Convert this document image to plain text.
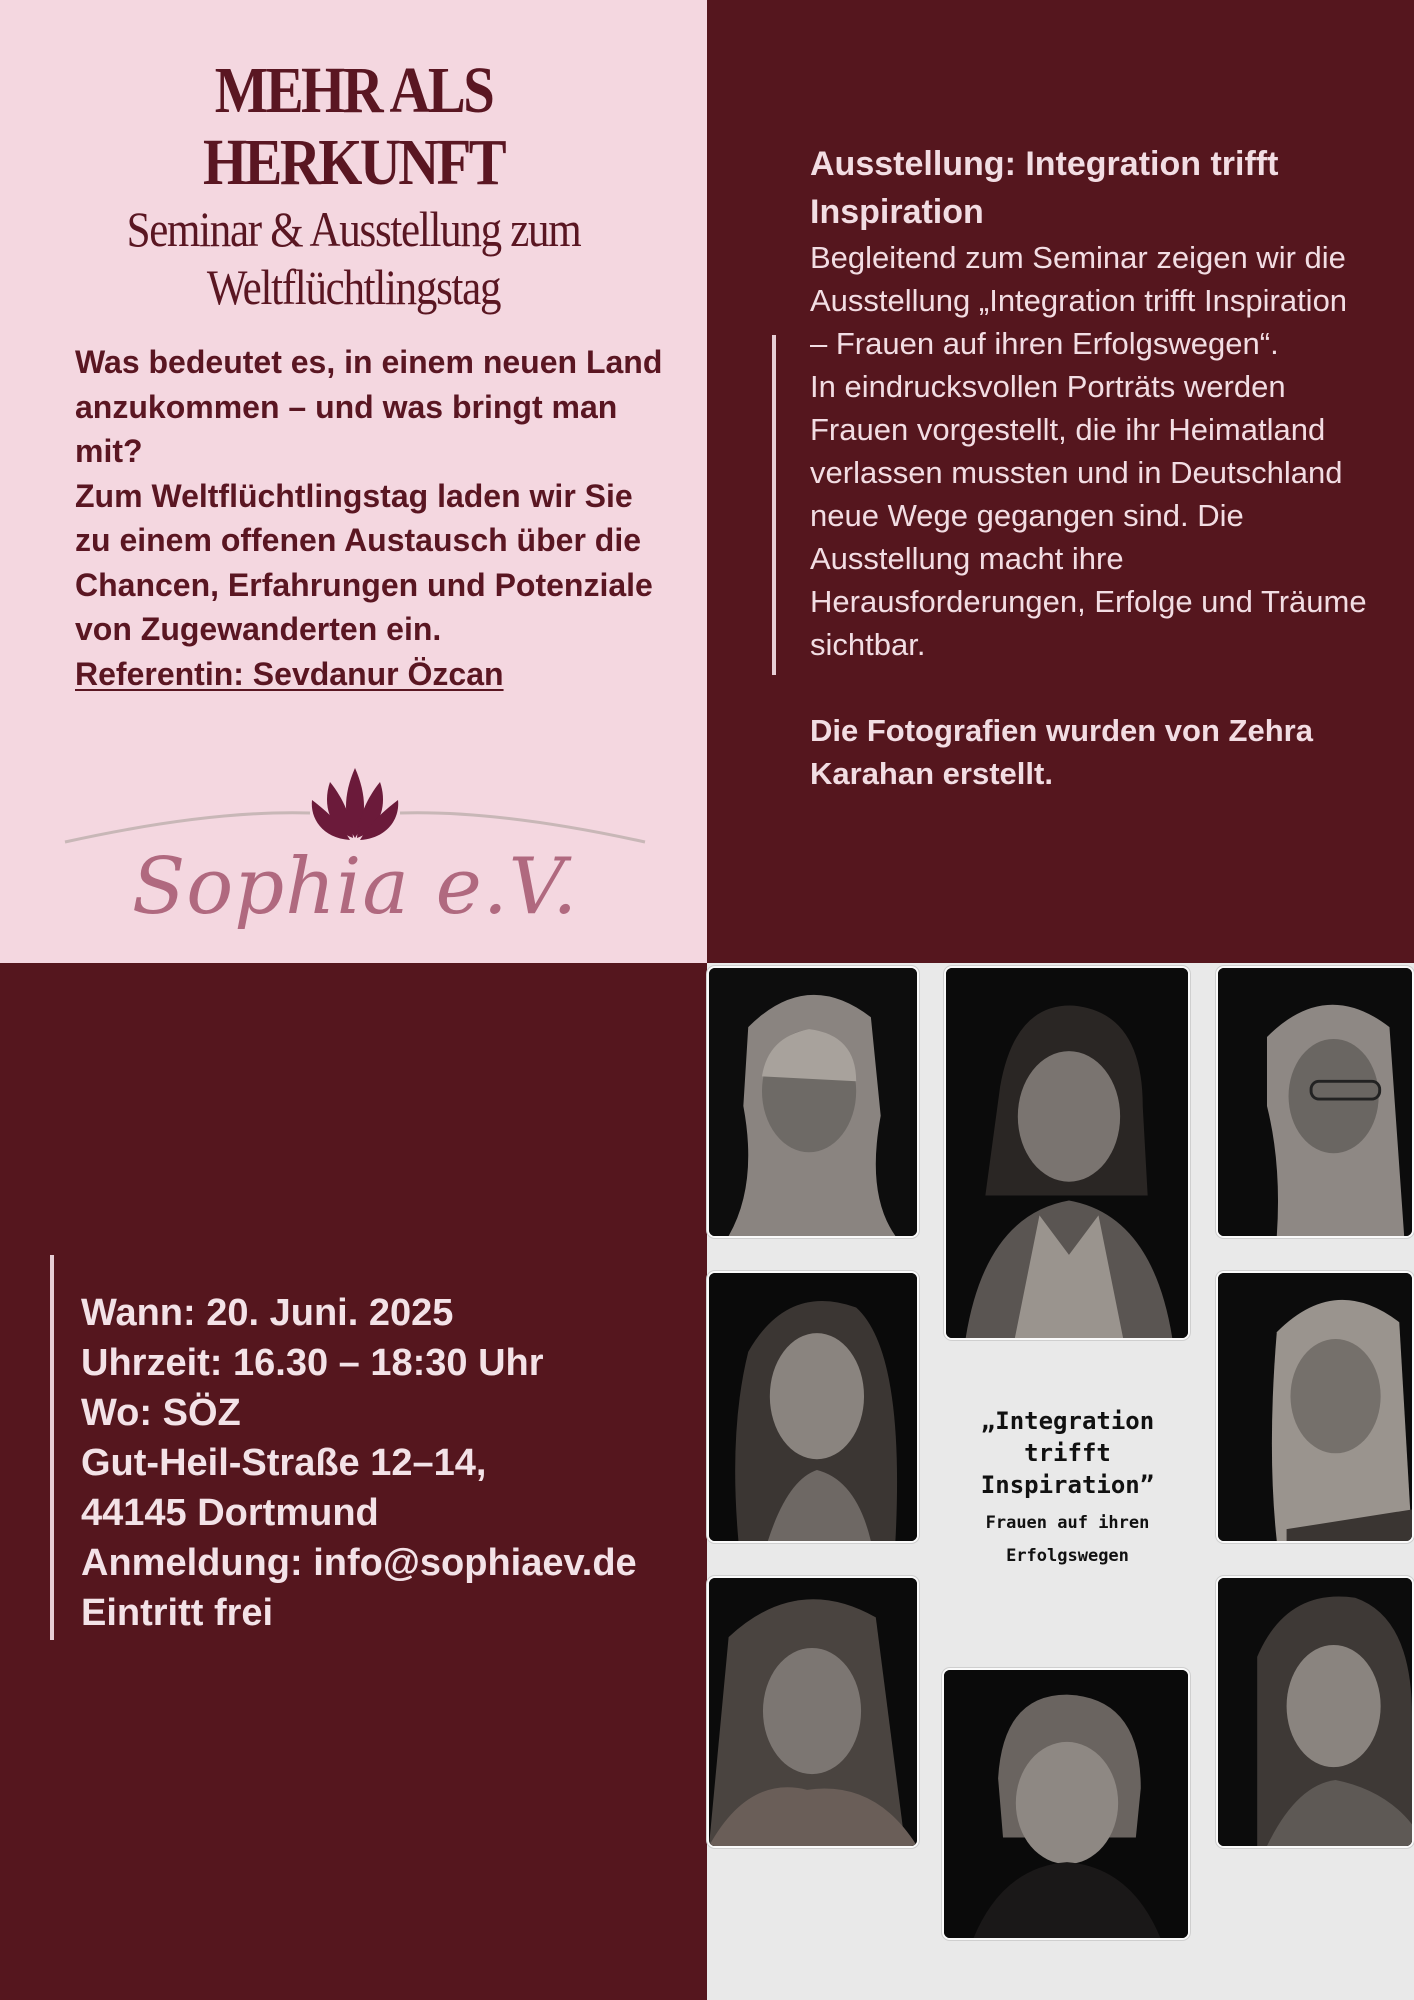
MEHR ALS
HERKUNFT
Seminar & Ausstellung zum
Weltflüchtlingstag

Was bedeutet es, in einem neuen Land anzukommen – und was bringt man mit?

Zum Weltflüchtlingstag laden wir Sie zu einem offenen Austausch über die Chancen, Erfahrungen und Potenziale von Zugewanderten ein.

Referentin: Sevdanur Özcan

Sophia e.V.
Ausstellung: Integration trifft Inspiration

Begleitend zum Seminar zeigen wir die Ausstellung „Integration trifft Inspiration – Frauen auf ihren Erfolgswegen“.

In eindrucksvollen Porträts werden Frauen vorgestellt, die ihr Heimatland verlassen mussten und in Deutschland neue Wege gegangen sind. Die Ausstellung macht ihre Herausforderungen, Erfolge und Träume sichtbar.

Die Fotografien wurden von Zehra Karahan erstellt.

Wann: 20. Juni. 2025
Uhrzeit: 16.30 – 18:30 Uhr
Wo: SÖZ
Gut-Heil-Straße 12–14,
44145 Dortmund
Anmeldung: info@sophiaev.de
Eintritt frei
„Integration trifft Inspiration”
Frauen auf ihren Erfolgswegen
